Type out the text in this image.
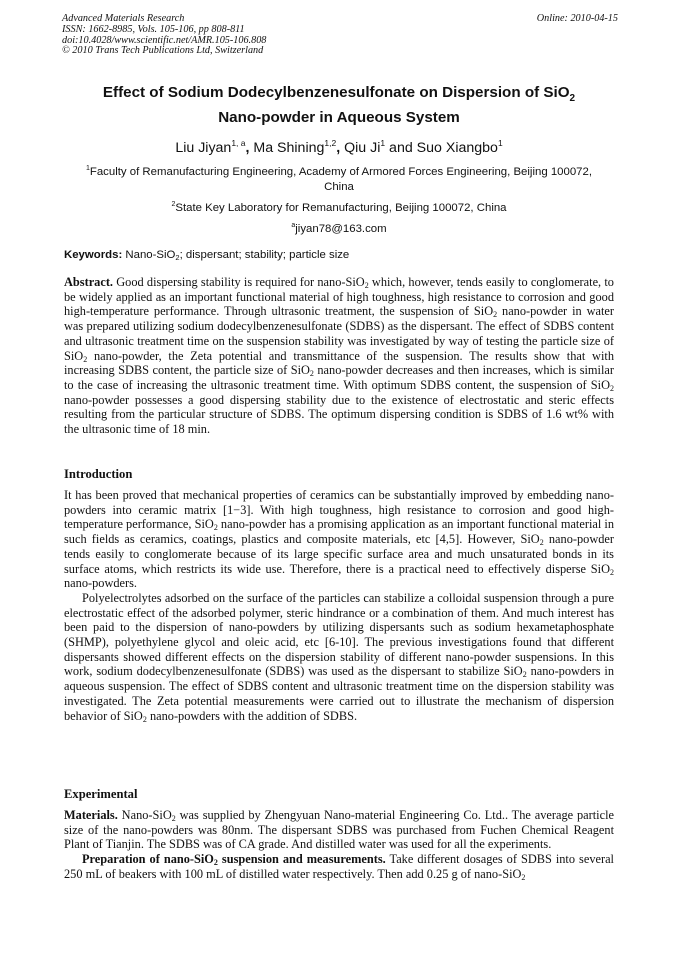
Advanced Materials Research
ISSN: 1662-8985, Vols. 105-106, pp 808-811
doi:10.4028/www.scientific.net/AMR.105-106.808
© 2010 Trans Tech Publications Ltd, Switzerland
Online: 2010-04-15
Effect of Sodium Dodecylbenzenesulfonate on Dispersion of SiO$_2$
Nano-powder in Aqueous System
Liu Jiyan$^{1, a}$, Ma Shining$^{1,2}$, Qiu Ji$^1$ and Suo Xiangbo$^1$
$^1$Faculty of Remanufacturing Engineering, Academy of Armored Forces Engineering, Beijing 100072, China
$^2$State Key Laboratory for Remanufacturing, Beijing 100072, China
$^a$jiyan78@163.com
Keywords: Nano-SiO$_2$; dispersant; stability; particle size

Abstract. Good dispersing stability is required for nano-SiO$_2$ which, however, tends easily to conglomerate, to be widely applied as an important functional material of high toughness, high resistance to corrosion and good high-temperature performance. Through ultrasonic treatment, the suspension of SiO$_2$ nano-powder in water was prepared utilizing sodium dodecylbenzenesulfonate (SDBS) as the dispersant. The effect of SDBS content and ultrasonic treatment time on the suspension stability was investigated by way of testing the particle size of SiO$_2$ nano-powder, the Zeta potential and transmittance of the suspension. The results show that with increasing SDBS content, the particle size of SiO$_2$ nano-powder decreases and then increases, which is similar to the case of increasing the ultrasonic treatment time. With optimum SDBS content, the suspension of SiO$_2$ nano-powder possesses a good dispersing stability due to the existence of electrostatic and steric effects resulting from the particular structure of SDBS. The optimum dispersing condition is SDBS of 1.6 wt% with the ultrasonic time of 18 min.

Introduction

It has been proved that mechanical properties of ceramics can be substantially improved by embedding nano-powders into ceramic matrix [1−3]. With high toughness, high resistance to corrosion and good high-temperature performance, SiO$_2$ nano-powder has a promising application as an important functional material in such fields as ceramics, coatings, plastics and composite materials, etc [4,5]. However, SiO$_2$ nano-powder tends easily to conglomerate because of its large specific surface area and much unsaturated bonds in its surface atoms, which restricts its wide use. Therefore, there is a practical need to effectively disperse SiO$_2$ nano-powders.

Polyelectrolytes adsorbed on the surface of the particles can stabilize a colloidal suspension through a pure electrostatic effect of the adsorbed polymer, steric hindrance or a combination of them. And much interest has been paid to the dispersion of nano-powders by utilizing dispersants such as sodium hexametaphosphate (SHMP), polyethylene glycol and oleic acid, etc [6-10]. The previous investigations found that different dispersants showed different effects on the dispersion stability of different nano-powder suspensions. In this work, sodium dodecylbenzenesulfonate (SDBS) was used as the dispersant to stabilize SiO$_2$ nano-powders in aqueous suspension. The effect of SDBS content and ultrasonic treatment time on the dispersion stability was investigated. The Zeta potential measurements were carried out to illustrate the mechanism of dispersion behavior of SiO$_2$ nano-powders with the addition of SDBS.

Experimental

Materials. Nano-SiO$_2$ was supplied by Zhengyuan Nano-material Engineering Co. Ltd.. The average particle size of the nano-powders was 80nm. The dispersant SDBS was purchased from Fuchen Chemical Reagent Plant of Tianjin. The SDBS was of CA grade. And distilled water was used for all the experiments.

Preparation of nano-SiO$_2$ suspension and measurements. Take different dosages of SDBS into several 250 mL of beakers with 100 mL of distilled water respectively. Then add 0.25 g of nano-SiO$_2$
